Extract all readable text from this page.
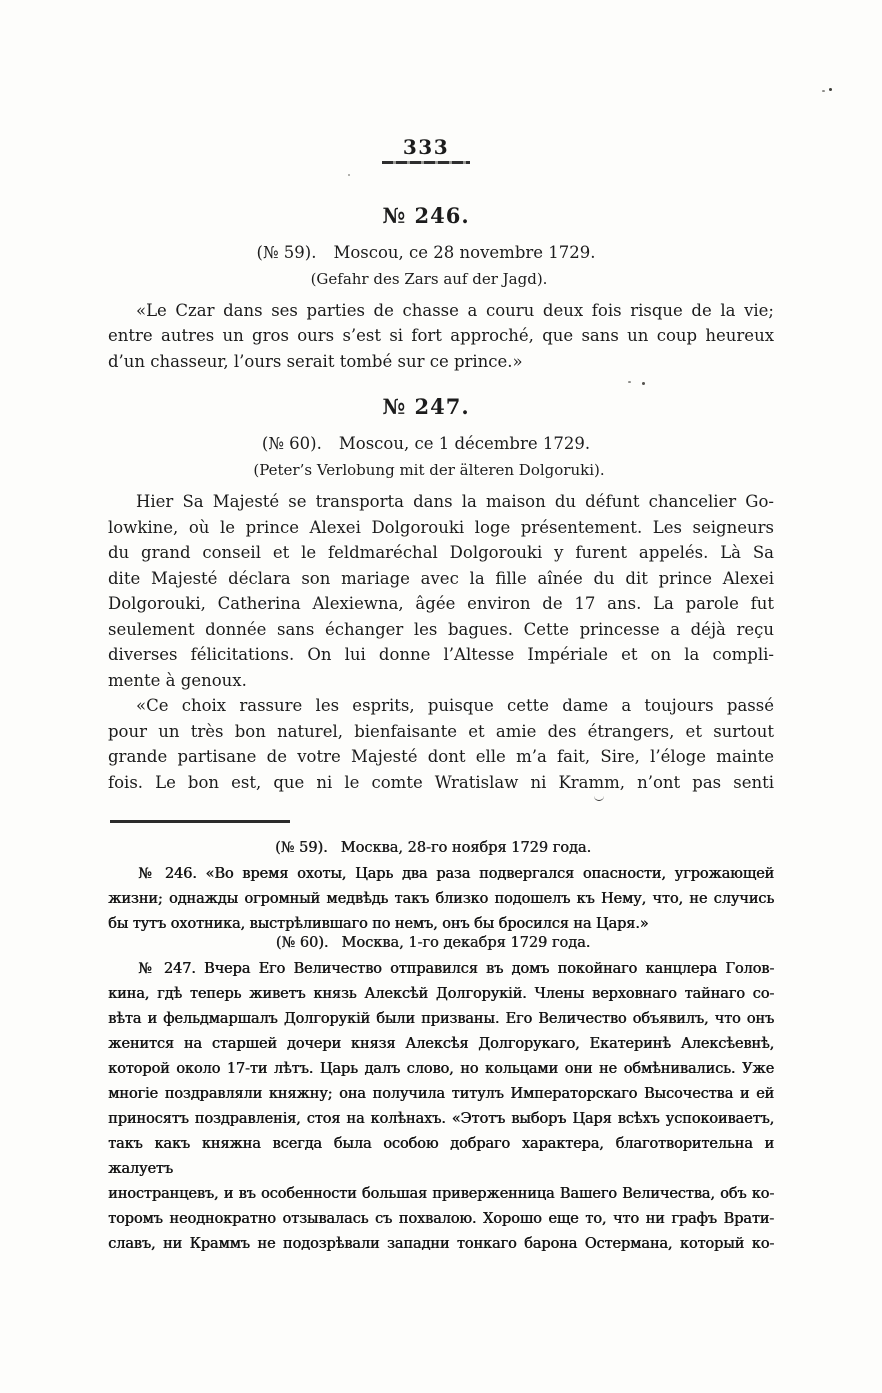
333
№ 246.
(№ 59). Moscou, ce 28 novembre 1729.
(Gefahr des Zars auf der Jagd).
«Le Czar dans ses parties de chasse a couru deux fois risque de la vie;
entre autres un gros ours s’est si fort approché, que sans un coup heureux
d’un chasseur, l’ours serait tombé sur ce prince.»
№ 247.
(№ 60). Moscou, ce 1 décembre 1729.
(Peter’s Verlobung mit der älteren Dolgoruki).
Hier Sa Majesté se transporta dans la maison du défunt chancelier Go-
lowkine, où le prince Alexei Dolgorouki loge présentement. Les seigneurs
du grand conseil et le feldmaréchal Dolgorouki y furent appelés. Là Sa
dite Majesté déclara son mariage avec la fille aînée du dit prince Alexei
Dolgorouki, Catherina Alexiewna, âgée environ de 17 ans. La parole fut
seulement donnée sans échanger les bagues. Cette princesse a déjà reçu
diverses félicitations. On lui donne l’Altesse Impériale et on la compli-
mente à genoux.
«Ce choix rassure les esprits, puisque cette dame a toujours passé
pour un très bon naturel, bienfaisante et amie des étrangers, et surtout
grande partisane de votre Majesté dont elle m’a fait, Sire, l’éloge mainte
fois. Le bon est, que ni le comte Wratislaw ni Kramm, n’ont pas senti
(№ 59). Москва, 28-го ноября 1729 года.
№ 246. «Во время охоты, Царь два раза подвергался опасности, угрожающей
жизни; однажды огромный медвѣдь такъ близко подошелъ къ Нему, что, не случись
бы тутъ охотника, выстрѣлившаго по немъ, онъ бы бросился на Царя.»
(№ 60). Москва, 1-го декабря 1729 года.
№ 247. Вчера Его Величество отправился въ домъ покойнаго канцлера Голов-
кина, гдѣ теперь живетъ князь Алексѣй Долгорукій. Члены верховнаго тайнаго со-
вѣта и фельдмаршалъ Долгорукій были призваны. Его Величество объявилъ, что онъ
женится на старшей дочери князя Алексѣя Долгорукаго, Екатеринѣ Алексѣевнѣ,
которой около 17-ти лѣтъ. Царь далъ слово, но кольцами они не обмѣнивались. Уже
многіе поздравляли княжну; она получила титулъ Императорскаго Высочества и ей
приносятъ поздравленія, стоя на колѣнахъ. «Этотъ выборъ Царя всѣхъ успокоиваетъ,
такъ какъ княжна всегда была особою добраго характера, благотворительна и жалуетъ
иностранцевъ, и въ особенности большая приверженница Вашего Величества, объ ко-
торомъ неоднократно отзывалась съ похвалою. Хорошо еще то, что ни графъ Врати-
славъ, ни Краммъ не подозрѣвали западни тонкаго барона Остермана, который ко-
